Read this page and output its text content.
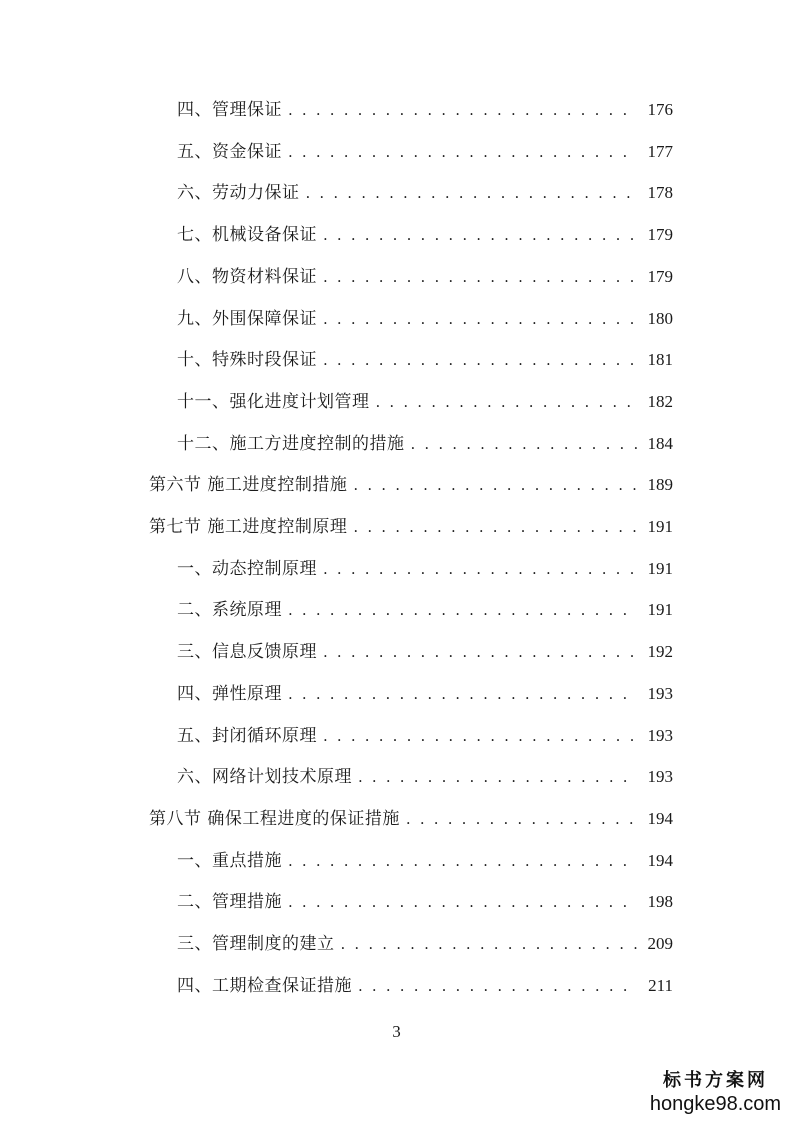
四、管理保证 . . .	176
五、资金保证 . . .	177
六、劳动力保证 . . .	178
七、机械设备保证 . . .	179
八、物资材料保证 . . .	179
九、外围保障保证 . . .	180
十、特殊时段保证 . . .	181
十一、强化进度计划管理 . . .	182
十二、施工方进度控制的措施 . . .	184
第六节 施工进度控制措施 . . .	189
第七节 施工进度控制原理 . . .	191
一、动态控制原理 . . .	191
二、系统原理 . . .	191
三、信息反馈原理 . . .	192
四、弹性原理 . . .	193
五、封闭循环原理 . . .	193
六、网络计划技术原理 . . .	193
第八节 确保工程进度的保证措施 . . .	194
一、重点措施 . . .	194
二、管理措施 . . .	198
三、管理制度的建立 . . .	209
四、工期检查保证措施 . . .	211
3
标书方案网
hongke98.com
